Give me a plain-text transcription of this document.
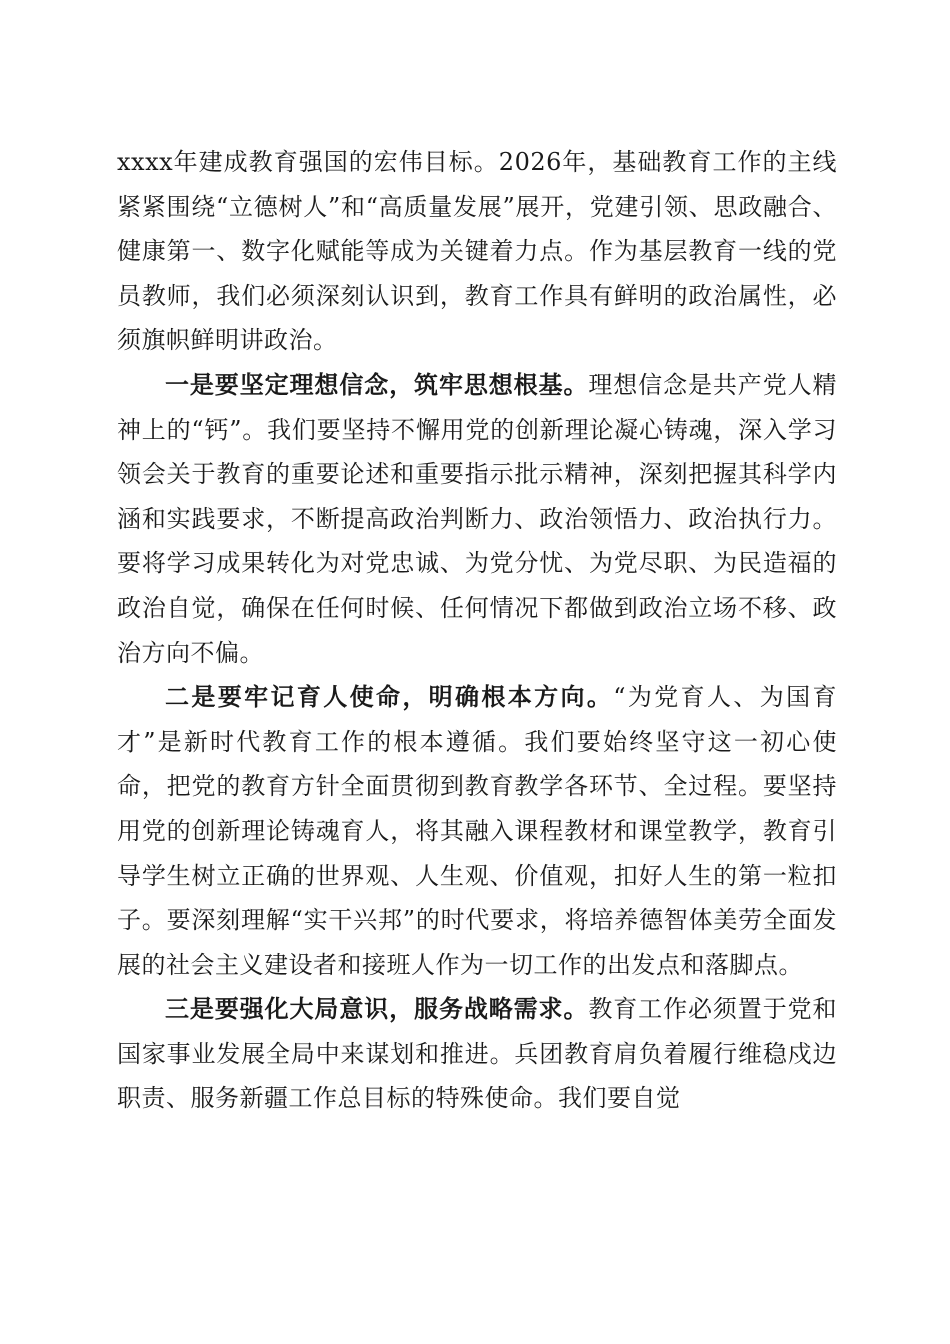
xxxx年建成教育强国的宏伟目标。2026年，基础教育工作的主线紧紧围绕“立德树人”和“高质量发展”展开，党建引领、思政融合、健康第一、数字化赋能等成为关键着力点。作为基层教育一线的党员教师，我们必须深刻认识到，教育工作具有鲜明的政治属性，必须旗帜鲜明讲政治。

一是要坚定理想信念，筑牢思想根基。理想信念是共产党人精神上的“钙”。我们要坚持不懈用党的创新理论凝心铸魂，深入学习领会关于教育的重要论述和重要指示批示精神，深刻把握其科学内涵和实践要求，不断提高政治判断力、政治领悟力、政治执行力。要将学习成果转化为对党忠诚、为党分忧、为党尽职、为民造福的政治自觉，确保在任何时候、任何情况下都做到政治立场不移、政治方向不偏。

二是要牢记育人使命，明确根本方向。“为党育人、为国育才”是新时代教育工作的根本遵循。我们要始终坚守这一初心使命，把党的教育方针全面贯彻到教育教学各环节、全过程。要坚持用党的创新理论铸魂育人，将其融入课程教材和课堂教学，教育引导学生树立正确的世界观、人生观、价值观，扣好人生的第一粒扣子。要深刻理解“实干兴邦”的时代要求，将培养德智体美劳全面发展的社会主义建设者和接班人作为一切工作的出发点和落脚点。

三是要强化大局意识，服务战略需求。教育工作必须置于党和国家事业发展全局中来谋划和推进。兵团教育肩负着履行维稳戍边职责、服务新疆工作总目标的特殊使命。我们要自觉
